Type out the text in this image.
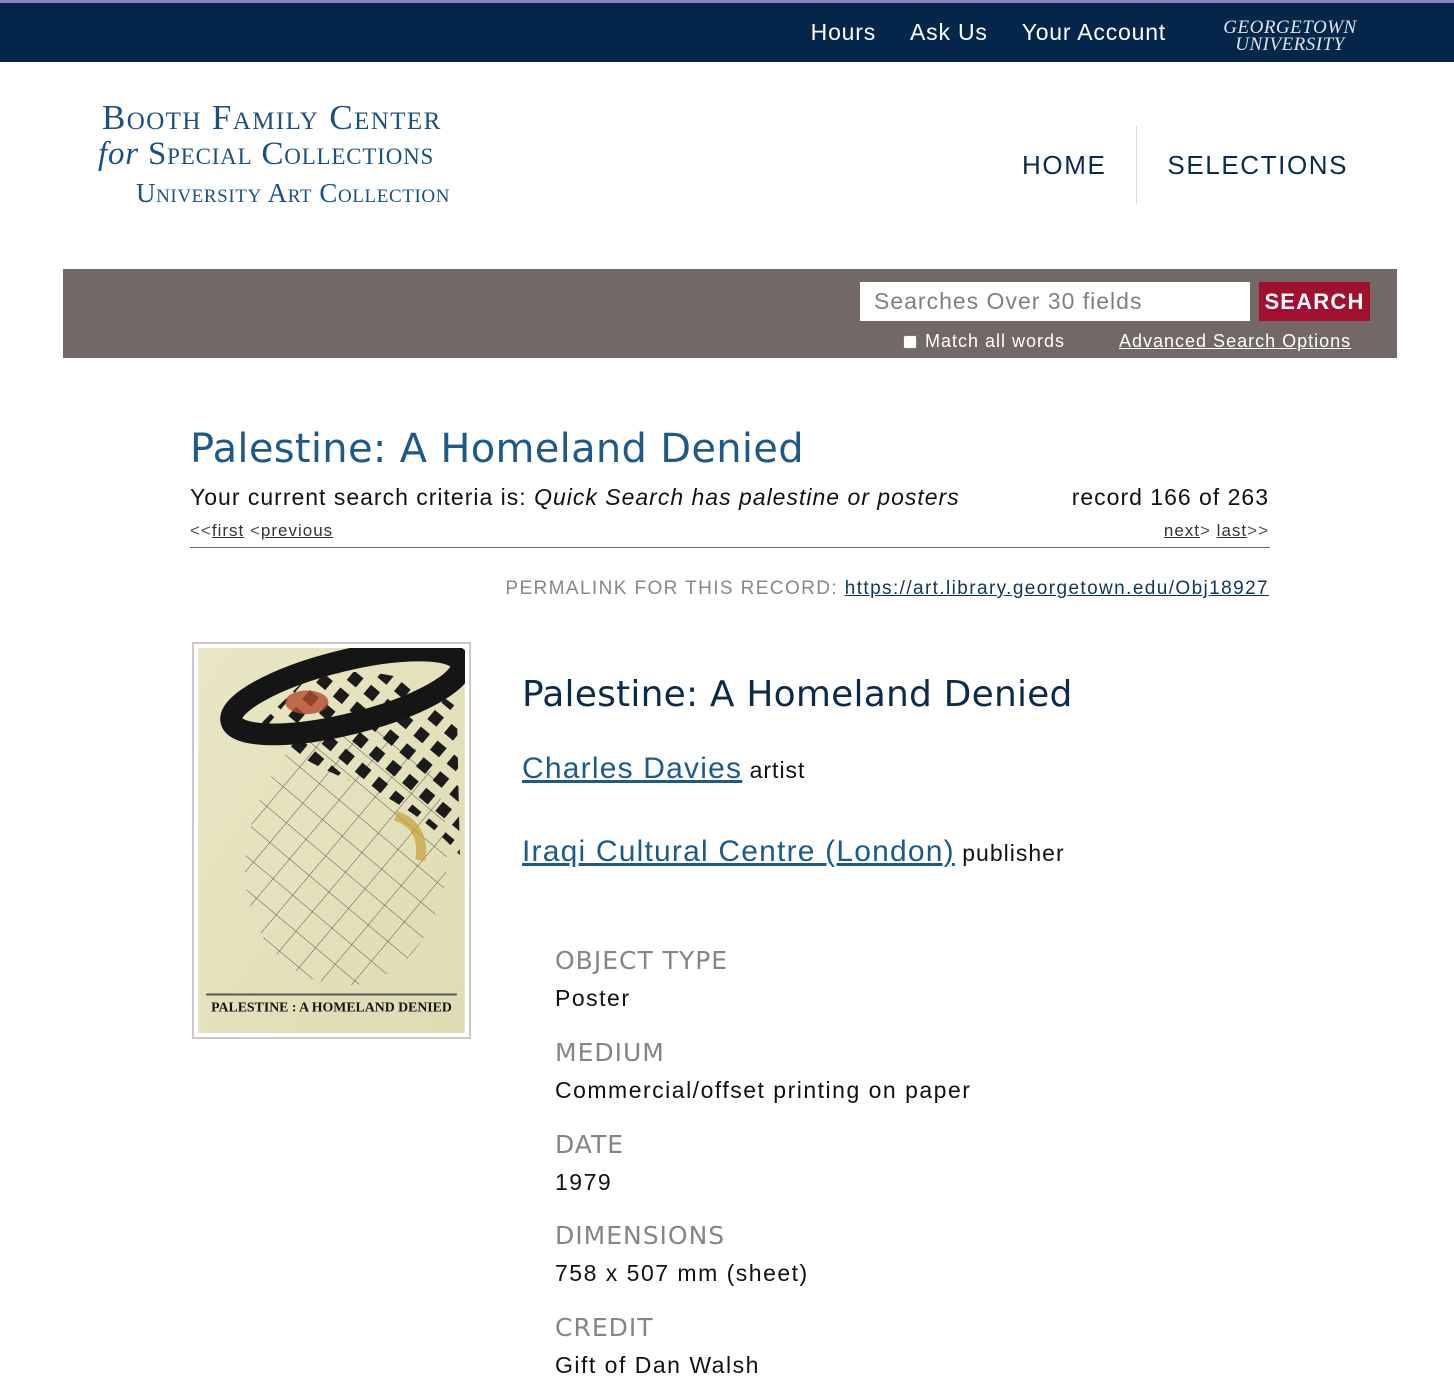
Hours Ask Us Your Account	GEORGETOWN
UNIVERSITY
Booth Family Center
for Special Collections
University Art Collection
HOME	SELECTIONS
Searches Over 30 fields
SEARCH
Match all words	Advanced Search Options
Palestine: A Homeland Denied
Your current search criteria is: Quick Search has palestine or posters	record 166 of 263
<<first <previous	next> last>>
PERMALINK FOR THIS RECORD: https://art.library.georgetown.edu/Obj18927
PALESTINE : A HOMELAND DENIED
Palestine: A Homeland Denied
Charles Davies artist
Iraqi Cultural Centre (London) publisher
OBJECT TYPE
Poster
MEDIUM
Commercial/offset printing on paper
DATE
1979
DIMENSIONS
758 x 507 mm (sheet)
CREDIT
Gift of Dan Walsh
